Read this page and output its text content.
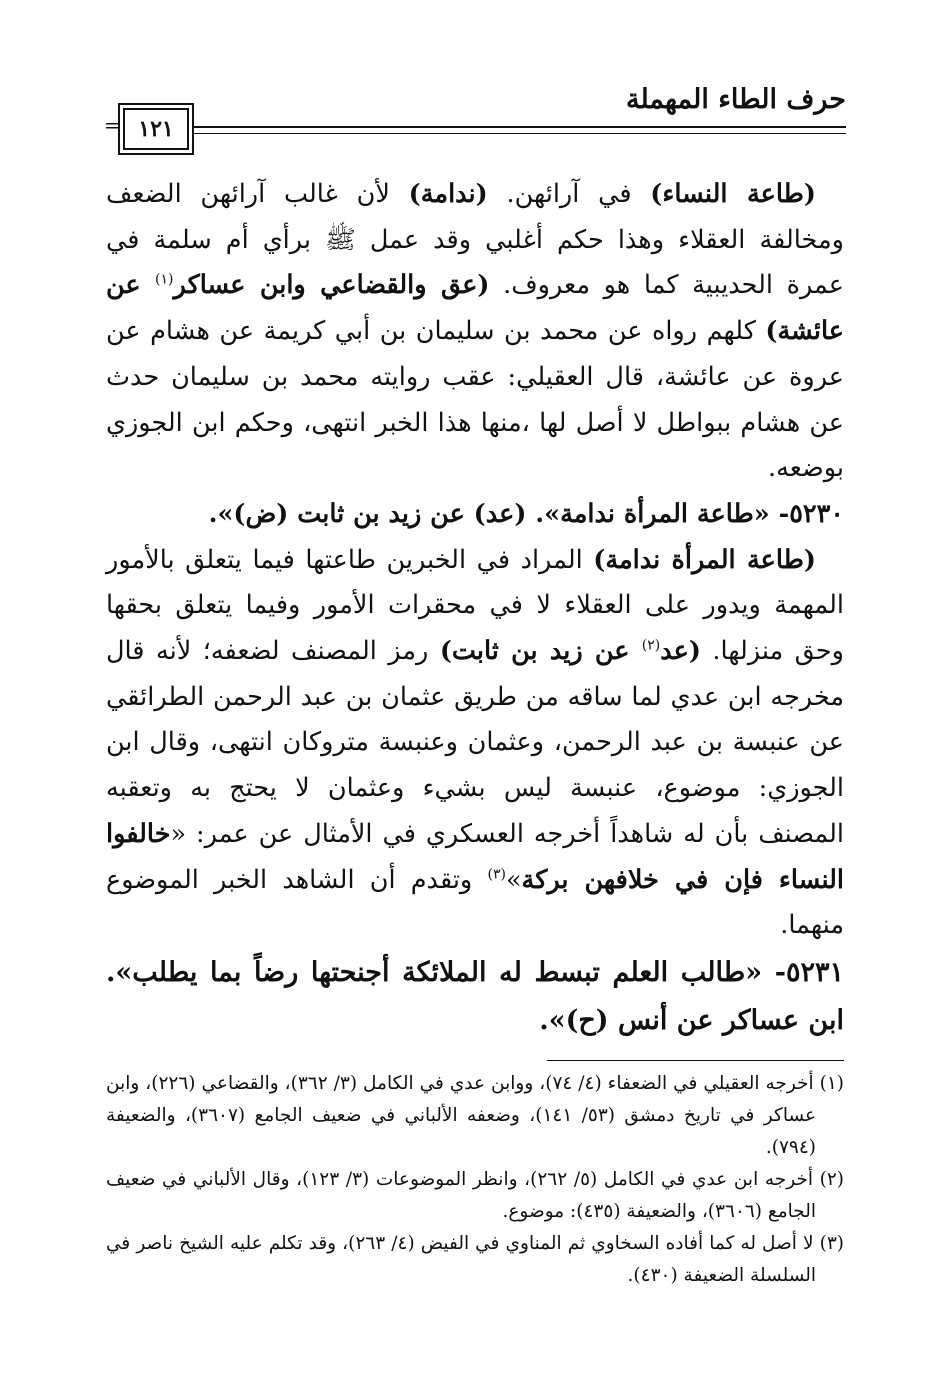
حرف الطاء المهملة
١٢١
=

(طاعة النساء) في آرائهن. (ندامة) لأن غالب آرائهن الضعف ومخالفة العقلاء وهذا حكم أغلبي وقد عمل ﷺ برأي أم سلمة في عمرة الحديبية كما هو معروف. (عق والقضاعي وابن عساكر$^{(١)}$ عن عائشة) كلهم رواه عن محمد بن سليمان بن أبي كريمة عن هشام عن عروة عن عائشة، قال العقيلي: عقب روايته محمد بن سليمان حدث عن هشام ببواطل لا أصل لها ،منها هذا الخبر انتهى، وحكم ابن الجوزي بوضعه.

٥٢٣٠- «طاعة المرأة ندامة». (عد) عن زيد بن ثابت (ض)».

(طاعة المرأة ندامة) المراد في الخبرين طاعتها فيما يتعلق بالأمور المهمة ويدور على العقلاء لا في محقرات الأمور وفيما يتعلق بحقها وحق منزلها. (عد$^{(٢)}$ عن زيد بن ثابت) رمز المصنف لضعفه؛ لأنه قال مخرجه ابن عدي لما ساقه من طريق عثمان بن عبد الرحمن الطرائقي عن عنبسة بن عبد الرحمن، وعثمان وعنبسة متروكان انتهى، وقال ابن الجوزي: موضوع، عنبسة ليس بشيء وعثمان لا يحتج به وتعقبه المصنف بأن له شاهداً أخرجه العسكري في الأمثال عن عمر: «خالفوا النساء فإن في خلافهن بركة»$^{(٣)}$ وتقدم أن الشاهد الخبر الموضوع منهما.

٥٢٣١- «طالب العلم تبسط له الملائكة أجنحتها رضاً بما يطلب». ابن عساكر عن أنس (ح)».

(١) أخرجه العقيلي في الضعفاء (٤/ ٧٤)، ووابن عدي في الكامل (٣/ ٣٦٢)، والقضاعي (٢٢٦)، وابن عساكر في تاريخ دمشق (٥٣/ ١٤١)، وضعفه الألباني في ضعيف الجامع (٣٦٠٧)، والضعيفة (٧٩٤).

(٢) أخرجه ابن عدي في الكامل (٥/ ٢٦٢)، وانظر الموضوعات (٣/ ١٢٣)، وقال الألباني في ضعيف الجامع (٣٦٠٦)، والضعيفة (٤٣٥): موضوع.

(٣) لا أصل له كما أفاده السخاوي ثم المناوي في الفيض (٤/ ٢٦٣)، وقد تكلم عليه الشيخ ناصر في السلسلة الضعيفة (٤٣٠).
